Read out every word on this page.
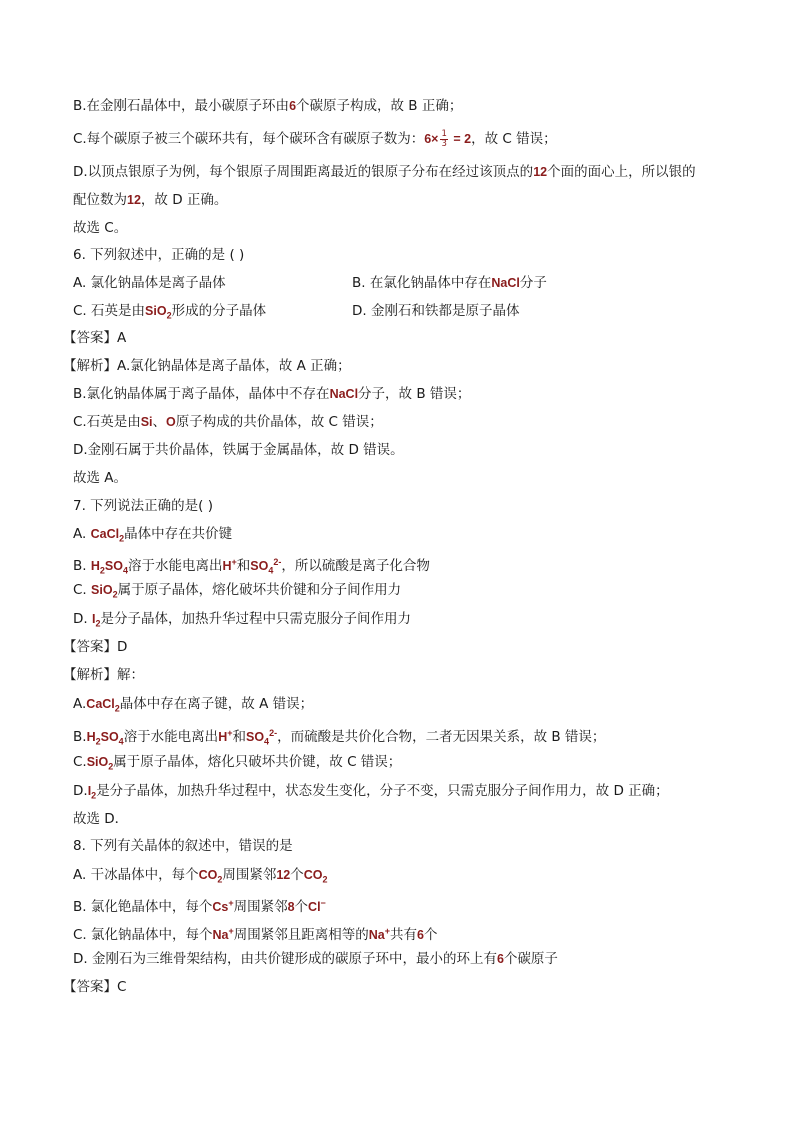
B.在金刚石晶体中，最小碳原子环由6个碳原子构成，故 B 正确；
C.每个碳原子被三个碳环共有，每个碳环含有碳原子数为：$6\times \frac{1}{3} = 2$，故 C 错误；
D.以顶点银原子为例，每个银原子周围距离最近的银原子分布在经过该顶点的12个面的面心上，所以银的
配位数为12，故 D 正确。
故选 C。
6. 下列叙述中，正确的是 ( )
A. 氯化钠晶体是离子晶体	B. 在氯化钠晶体中存在NaCl分子
C. 石英是由SiO$_2$形成的分子晶体	D. 金刚石和铁都是原子晶体
【答案】A
【解析】A.氯化钠晶体是离子晶体，故 A 正确；
B.氯化钠晶体属于离子晶体，晶体中不存在NaCl分子，故 B 错误；
C.石英是由Si、O原子构成的共价晶体，故 C 错误；
D.金刚石属于共价晶体，铁属于金属晶体，故 D 错误。
故选 A。
7. 下列说法正确的是( )
A. CaCl$_2$晶体中存在共价键
B. $H_2SO_4$溶于水能电离出H+和$SO_4^{2-}$，所以硫酸是离子化合物
C. SiO$_2$属于原子晶体，熔化破坏共价键和分子间作用力
D. $I_2$是分子晶体，加热升华过程中只需克服分子间作用力
【答案】D
【解析】解：
A.CaCl$_2$晶体中存在离子键，故 A 错误；
$B.H_2SO_4$溶于水能电离出H+和$SO_4^{2-}$，而硫酸是共价化合物，二者无因果关系，故 B 错误；
C.SiO$_2$属于原子晶体，熔化只破坏共价键，故 C 错误；
$D.I_2$是分子晶体，加热升华过程中，状态发生变化，分子不变，只需克服分子间作用力，故 D 正确；
故选 D．
8. 下列有关晶体的叙述中，错误的是
A. 干冰晶体中，每个$CO_2$周围紧邻12个$CO_2$
B. 氯化铯晶体中，每个Cs+周围紧邻8个Cl−
C. 氯化钠晶体中，每个Na+周围紧邻且距离相等的Na+共有6个
D. 金刚石为三维骨架结构，由共价键形成的碳原子环中，最小的环上有6个碳原子
【答案】C
